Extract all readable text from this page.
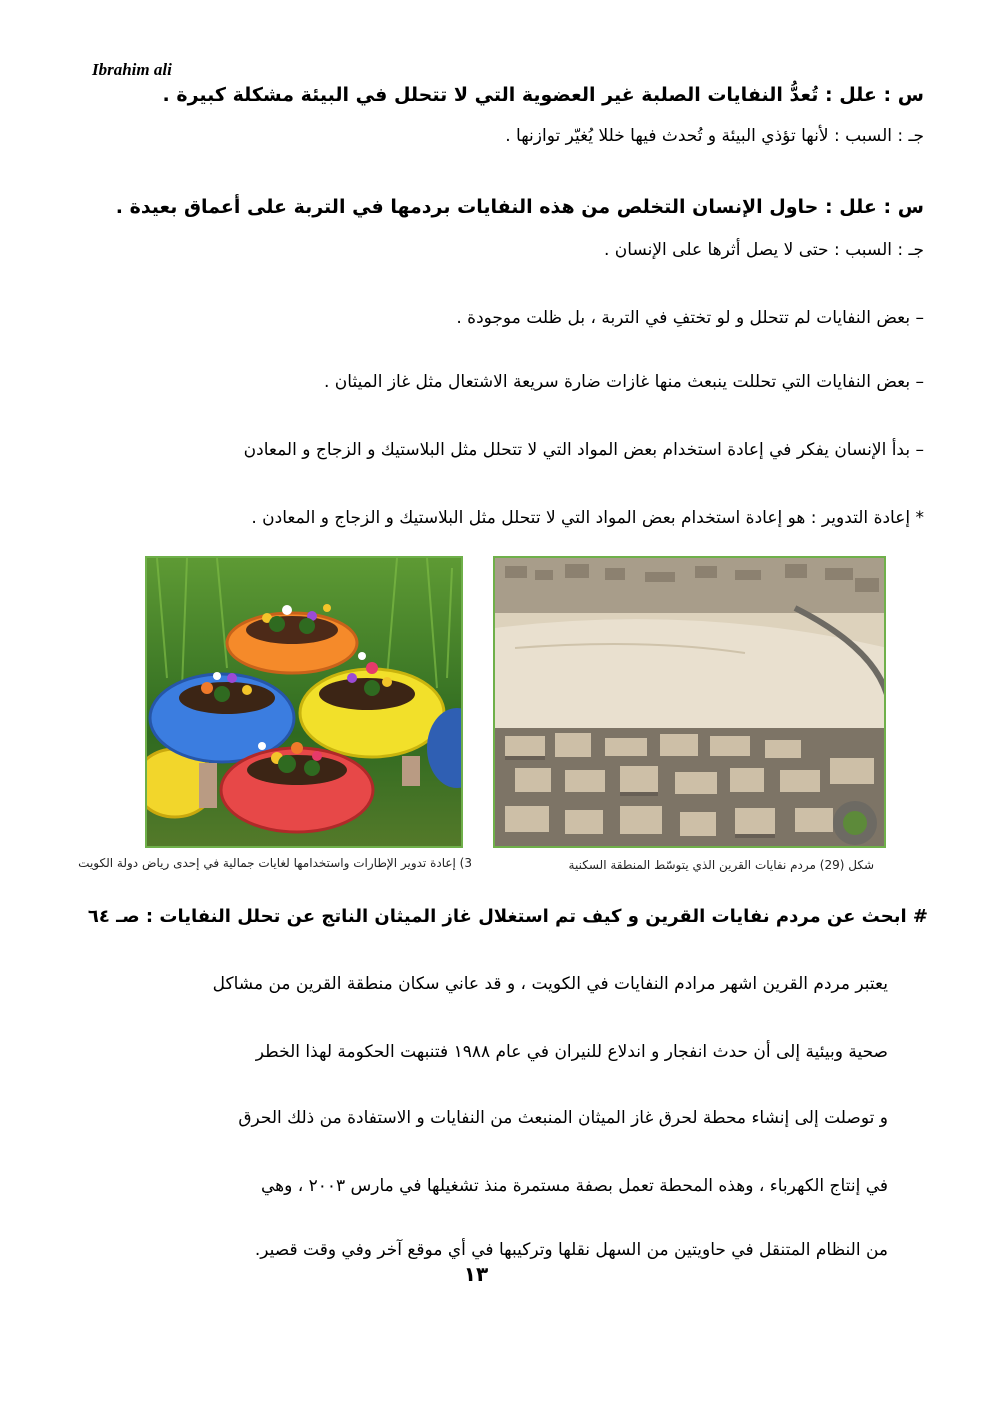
Ibrahim ali
س : علل : تُعدُّ النفايات الصلبة غير العضوية التي لا تتحلل في البيئة مشكلة كبيرة .
جـ : السبب : لأنها تؤذي البيئة و تُحدث فيها خللا يُغيّر توازنها .
س : علل : حاول الإنسان التخلص من هذه النفايات بردمها في التربة على أعماق بعيدة .
جـ : السبب : حتى لا يصل أثرها على الإنسان .
– بعض النفايات لم تتحلل و لو تختفِ في التربة ، بل ظلت موجودة .
– بعض النفايات التي تحللت ينبعث منها غازات ضارة سريعة الاشتعال مثل غاز الميثان .
– بدأ الإنسان يفكر في إعادة استخدام بعض المواد التي لا تتحلل مثل البلاستيك و الزجاج و المعادن
* إعادة التدوير : هو إعادة استخدام بعض المواد التي لا تتحلل مثل البلاستيك و الزجاج و المعادن .
شكل (29) مردم نفايات القرين الذي يتوسّط المنطقة السكنية
3) إعادة تدوير الإطارات واستخدامها لغايات جمالية في إحدى رياض دولة الكويت
# ابحث عن مردم نفايات القرين و كيف تم استغلال غاز الميثان الناتج عن تحلل النفايات : صـ ٦٤
يعتبر مردم القرين اشهر مرادم النفايات في الكويت ، و قد عاني سكان منطقة القرين من مشاكل
صحية وبيئية إلى أن حدث انفجار و اندلاع للنيران في عام ١٩٨٨ فتنبهت الحكومة لهذا الخطر
و توصلت إلى إنشاء محطة لحرق غاز الميثان المنبعث من النفايات و الاستفادة من ذلك الحرق
في إنتاج الكهرباء ، وهذه المحطة تعمل بصفة مستمرة منذ تشغيلها في مارس ٢٠٠٣ ، وهي
من النظام المتنقل في حاويتين من السهل نقلها وتركيبها في أي موقع آخر وفي وقت قصير.
١٣
